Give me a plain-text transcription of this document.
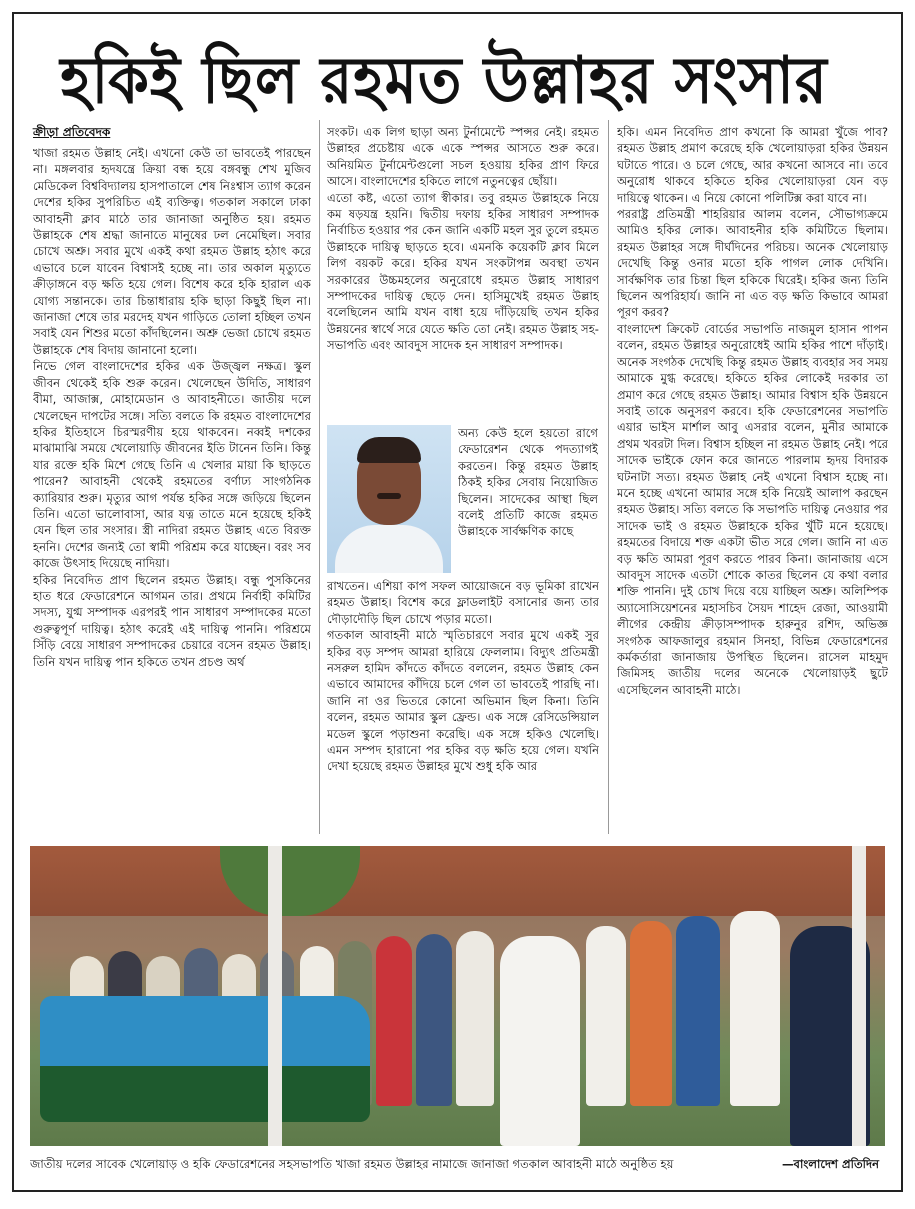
হকিই ছিল রহমত উল্লাহর সংসার
ক্রীড়া প্রতিবেদক

খাজা রহমত উল্লাহ নেই। এখনো কেউ তা ভাবতেই পারছেন না। মঙ্গলবার হৃদযন্ত্রে ক্রিয়া বন্ধ হয়ে বঙ্গবন্ধু শেখ মুজিব মেডিকেল বিশ্ববিদ্যালয় হাসপাতালে শেষ নিঃশ্বাস ত্যাগ করেন দেশের হকির সুপরিচিত এই ব্যক্তিত্ব। গতকাল সকালে ঢাকা আবাহনী ক্লাব মাঠে তার জানাজা অনুষ্ঠিত হয়। রহমত উল্লাহকে শেষ শ্রদ্ধা জানাতে মানুষের ঢল নেমেছিল। সবার চোখে অশ্রু। সবার মুখে একই কথা রহমত উল্লাহ হঠাৎ করে এভাবে চলে যাবেন বিশ্বাসই হচ্ছে না। তার অকাল মৃত্যুতে ক্রীড়াঙ্গনে বড় ক্ষতি হয়ে গেল। বিশেষ করে হকি হারাল এক যোগ্য সন্তানকে। তার চিন্তাধারায় হকি ছাড়া কিছুই ছিল না। জানাজা শেষে তার মরদেহ যখন গাড়িতে তোলা হচ্ছিল তখন সবাই যেন শিশুর মতো কাঁদছিলেন। অশ্রু ভেজা চোখে রহমত উল্লাহকে শেষ বিদায় জানানো হলো।

নিভে গেল বাংলাদেশের হকির এক উজ্জ্বল নক্ষত্র। স্কুল জীবন থেকেই হকি শুরু করেন। খেলেছেন উদিতি, সাধারণ বীমা, আজাক্স, মোহামেডান ও আবাহনীতে। জাতীয় দলে খেলেছেন দাপটের সঙ্গে। সত্যি বলতে কি রহমত বাংলাদেশের হকির ইতিহাসে চিরস্মরণীয় হয়ে থাকবেন। নব্বই দশকের মাঝামাঝি সময়ে খেলোয়াড়ি জীবনের ইতি টানেন তিনি। কিন্তু যার রক্তে হকি মিশে গেছে তিনি এ খেলার মায়া কি ছাড়তে পারেন? আবাহনী থেকেই রহমতের বর্ণাঢ্য সাংগঠনিক ক্যারিয়ার শুরু। মৃত্যুর আগ পর্যন্ত হকির সঙ্গে জড়িয়ে ছিলেন তিনি। এতো ভালোবাসা, আর যত্ন তাতে মনে হয়েছে হকিই যেন ছিল তার সংসার। স্ত্রী নাদিরা রহমত উল্লাহ এতে বিরক্ত হননি। দেশের জন্যই তো স্বামী পরিশ্রম করে যাচ্ছেন। বরং সব কাজে উৎসাহ দিয়েছে নাদিয়া।

হকির নিবেদিত প্রাণ ছিলেন রহমত উল্লাহ। বন্ধু পুসকিনের হাত ধরে ফেডারেশনে আগমন তার। প্রথমে নির্বাহী কমিটির সদস্য, যুগ্ম সম্পাদক এরপরই পান সাধারণ সম্পাদকের মতো গুরুত্বপূর্ণ দায়িত্ব। হঠাৎ করেই এই দায়িত্ব পাননি। পরিশ্রমে সিঁড়ি বেয়ে সাধারণ সম্পাদকের চেয়ারে বসেন রহমত উল্লাহ। তিনি যখন দায়িত্ব পান হকিতে তখন প্রচণ্ড অর্থ

সংকট। এক লিগ ছাড়া অন্য টুর্নামেন্টে স্পন্সর নেই। রহমত উল্লাহর প্রচেষ্টায় একে একে স্পন্সর আসতে শুরু করে। অনিয়মিত টুর্নামেন্টগুলো সচল হওয়ায় হকির প্রাণ ফিরে আসে। বাংলাদেশের হকিতে লাগে নতুনত্বের ছোঁয়া।

এতো কষ্ট, এতো ত্যাগ স্বীকার। তবু রহমত উল্লাহকে নিয়ে কম ষড়যন্ত্র হয়নি। দ্বিতীয় দফায় হকির সাধারণ সম্পাদক নির্বাচিত হওয়ার পর কেন জানি একটি মহল সুর তুলে রহমত উল্লাহকে দায়িত্ব ছাড়তে হবে। এমনকি কয়েকটি ক্লাব মিলে লিগ বয়কট করে। হকির যখন সংকটাপন্ন অবস্থা তখন সরকারের উচ্চমহলের অনুরোধে রহমত উল্লাহ সাধারণ সম্পাদকের দায়িত্ব ছেড়ে দেন। হাসিমুখেই রহমত উল্লাহ বলেছিলেন আমি যখন বাধা হয়ে দাঁড়িয়েছি তখন হকির উন্নয়নের স্বার্থে সরে যেতে ক্ষতি তো নেই। রহমত উল্লাহ সহ-সভাপতি এবং আবদুস সাদেক হন সাধারণ সম্পাদক।

অন্য কেউ হলে হয়তো রাগে ফেডারেশন থেকে পদত্যাগই করতেন। কিন্তু রহমত উল্লাহ ঠিকই হকির সেবায় নিয়োজিত ছিলেন। সাদেকের আস্থা ছিল বলেই প্রতিটি কাজে রহমত উল্লাহকে সার্বক্ষণিক কাছে

রাখতেন। এশিয়া কাপ সফল আয়োজনে বড় ভূমিকা রাখেন রহমত উল্লাহ। বিশেষ করে ফ্লাডলাইট বসানোর জন্য তার দৌড়াদৌড়ি ছিল চোখে পড়ার মতো।

গতকাল আবাহনী মাঠে স্মৃতিচারণে সবার মুখে একই সুর হকির বড় সম্পদ আমরা হারিয়ে ফেললাম। বিদ্যুৎ প্রতিমন্ত্রী নসরুল হামিদ কাঁদতে কাঁদতে বললেন, রহমত উল্লাহ কেন এভাবে আমাদের কাঁদিয়ে চলে গেল তা ভাবতেই পারছি না। জানি না ওর ভিতরে কোনো অভিমান ছিল কিনা। তিনি বলেন, রহমত আমার স্কুল ফ্রেন্ড। এক সঙ্গে রেসিডেন্সিয়াল মডেল স্কুলে পড়াশুনা করেছি। এক সঙ্গে হকিও খেলেছি। এমন সম্পদ হারানো পর হকির বড় ক্ষতি হয়ে গেল। যখনি দেখা হয়েছে রহমত উল্লাহর মুখে শুধু হকি আর

হকি। এমন নিবেদিত প্রাণ কখনো কি আমরা খুঁজে পাব? রহমত উল্লাহ প্রমাণ করেছে হকি খেলোয়াড়রা হকির উন্নয়ন ঘটাতে পারে। ও চলে গেছে, আর কখনো আসবে না। তবে অনুরোধ থাকবে হকিতে হকির খেলোয়াড়রা যেন বড় দায়িত্বে থাকেন। এ নিয়ে কোনো পলিটিক্স করা যাবে না।

পররাষ্ট্র প্রতিমন্ত্রী শাহরিয়ার আলম বলেন, সৌভাগ্যক্রমে আমিও হকির লোক। আবাহনীর হকি কমিটিতে ছিলাম। রহমত উল্লাহর সঙ্গে দীর্ঘদিনের পরিচয়। অনেক খেলোয়াড় দেখেছি কিন্তু ওনার মতো হকি পাগল লোক দেখিনি। সার্বক্ষণিক তার চিন্তা ছিল হকিকে ঘিরেই। হকির জন্য তিনি ছিলেন অপরিহার্য। জানি না এত বড় ক্ষতি কিভাবে আমরা পূরণ করব?

বাংলাদেশ ক্রিকেট বোর্ডের সভাপতি নাজমুল হাসান পাপন বলেন, রহমত উল্লাহর অনুরোধেই আমি হকির পাশে দাঁড়াই। অনেক সংগঠক দেখেছি কিন্তু রহমত উল্লাহ ব্যবহার সব সময় আমাকে মুগ্ধ করেছে। হকিতে হকির লোকেই দরকার তা প্রমাণ করে গেছে রহমত উল্লাহ। আমার বিশ্বাস হকি উন্নয়নে সবাই তাকে অনুসরণ করবে। হকি ফেডারেশনের সভাপতি এয়ার ভাইস মার্শাল আবু এসরার বলেন, মুনীর আমাকে প্রথম খবরটা দিল। বিশ্বাস হচ্ছিল না রহমত উল্লাহ নেই। পরে সাদেক ভাইকে ফোন করে জানতে পারলাম হৃদয় বিদারক ঘটনাটা সত্য। রহমত উল্লাহ নেই এখনো বিশ্বাস হচ্ছে না। মনে হচ্ছে এখনো আমার সঙ্গে হকি নিয়েই আলাপ করছেন রহমত উল্লাহ। সত্যি বলতে কি সভাপতি দায়িত্ব নেওয়ার পর সাদেক ভাই ও রহমত উল্লাহকে হকির খুঁটি মনে হয়েছে। রহমতের বিদায়ে শক্ত একটা ভীত সরে গেল। জানি না এত বড় ক্ষতি আমরা পূরণ করতে পারব কিনা। জানাজায় এসে আবদুস সাদেক এতটা শোকে কাতর ছিলেন যে কথা বলার শক্তি পাননি। দুই চোখ দিয়ে বয়ে যাচ্ছিল অশ্রু। অলিম্পিক অ্যাসোসিয়েশনের মহাসচিব সৈয়দ শাহেদ রেজা, আওয়ামী লীগের কেন্দ্রীয় ক্রীড়াসম্পাদক হারুনুর রশিদ, অভিজ্ঞ সংগঠক আফজালুর রহমান সিনহা, বিভিন্ন ফেডারেশনের কর্মকর্তারা জানাজায় উপস্থিত ছিলেন। রাসেল মাহমুদ জিমিসহ জাতীয় দলের অনেকে খেলোয়াড়ই ছুটে এসেছিলেন আবাহনী মাঠে।

জাতীয় দলের সাবেক খেলোয়াড় ও হকি ফেডারেশনের সহসভাপতি খাজা রহমত উল্লাহর নামাজে জানাজা গতকাল আবাহনী মাঠে অনুষ্ঠিত হয়	—বাংলাদেশ প্রতিদিন
